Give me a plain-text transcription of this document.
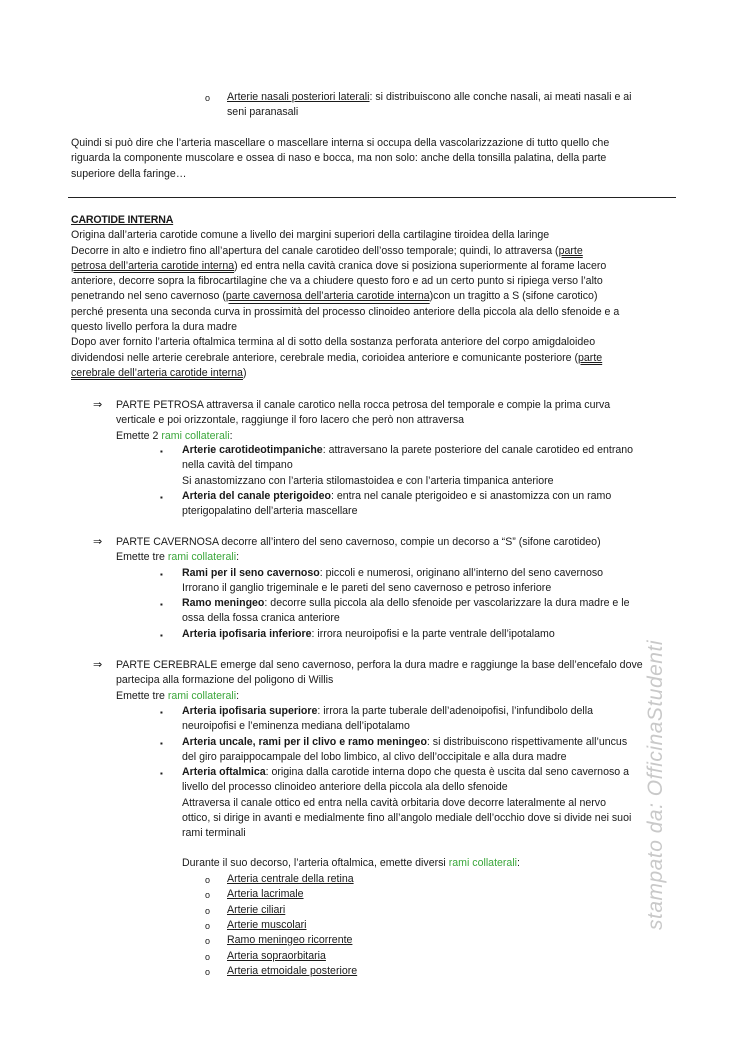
o Arterie nasali posteriori laterali: si distribuiscono alle conche nasali, ai meati nasali e ai
seni paranasali
Quindi si può dire che l’arteria mascellare o mascellare interna si occupa della vascolarizzazione di tutto quello che
riguarda la componente muscolare e ossea di naso e bocca, ma non solo: anche della tonsilla palatina, della parte
superiore della faringe…
CAROTIDE INTERNA
Origina dall’arteria carotide comune a livello dei margini superiori della cartilagine tiroidea della laringe
Decorre in alto e indietro fino all’apertura del canale carotideo dell’osso temporale; quindi, lo attraversa (parte
petrosa dell’arteria carotide interna) ed entra nella cavità cranica dove si posiziona superiormente al forame lacero
anteriore, decorre sopra la fibrocartilagine che va a chiudere questo foro e ad un certo punto si ripiega verso l’alto
penetrando nel seno cavernoso (parte cavernosa dell’arteria carotide interna)con un tragitto a S (sifone carotico)
perché presenta una seconda curva in prossimità del processo clinoideo anteriore della piccola ala dello sfenoide e a
questo livello perfora la dura madre
Dopo aver fornito l’arteria oftalmica termina al di sotto della sostanza perforata anteriore del corpo amigdaloideo
dividendosi nelle arterie cerebrale anteriore, cerebrale media, corioidea anteriore e comunicante posteriore (parte
cerebrale dell’arteria carotide interna)
⇒ PARTE PETROSA attraversa il canale carotico nella rocca petrosa del temporale e compie la prima curva
verticale e poi orizzontale, raggiunge il foro lacero che però non attraversa
Emette 2 rami collaterali:
▪ Arterie carotideotimpaniche: attraversano la parete posteriore del canale carotideo ed entrano
nella cavità del timpano
Si anastomizzano con l’arteria stilomastoidea e con l’arteria timpanica anteriore
▪ Arteria del canale pterigoideo: entra nel canale pterigoideo e si anastomizza con un ramo
pterigopalatino dell’arteria mascellare
⇒ PARTE CAVERNOSA decorre all’intero del seno cavernoso, compie un decorso a “S” (sifone carotideo)
Emette tre rami collaterali:
▪ Rami per il seno cavernoso: piccoli e numerosi, originano all’interno del seno cavernoso
Irrorano il ganglio trigeminale e le pareti del seno cavernoso e petroso inferiore
▪ Ramo meningeo: decorre sulla piccola ala dello sfenoide per vascolarizzare la dura madre e le
ossa della fossa cranica anteriore
▪ Arteria ipofisaria inferiore: irrora neuroipofisi e la parte ventrale dell’ipotalamo
⇒ PARTE CEREBRALE emerge dal seno cavernoso, perfora la dura madre e raggiunge la base dell’encefalo dove
partecipa alla formazione del poligono di Willis
Emette tre rami collaterali:
▪ Arteria ipofisaria superiore: irrora la parte tuberale dell’adenoipofisi, l’infundibolo della
neuroipofisi e l’eminenza mediana dell’ipotalamo
▪ Arteria uncale, rami per il clivo e ramo meningeo: si distribuiscono rispettivamente all’uncus
del giro paraippocampale del lobo limbico, al clivo dell’occipitale e alla dura madre
▪ Arteria oftalmica: origina dalla carotide interna dopo che questa è uscita dal seno cavernoso a
livello del processo clinoideo anteriore della piccola ala dello sfenoide
Attraversa il canale ottico ed entra nella cavità orbitaria dove decorre lateralmente al nervo
ottico, si dirige in avanti e medialmente fino all’angolo mediale dell’occhio dove si divide nei suoi
rami terminali
Durante il suo decorso, l’arteria oftalmica, emette diversi rami collaterali:
o Arteria centrale della retina
o Arteria lacrimale
o Arterie ciliari
o Arterie muscolari
o Ramo meningeo ricorrente
o Arteria sopraorbitaria
o Arteria etmoidale posteriore
stampato da: OfficinaStudenti
